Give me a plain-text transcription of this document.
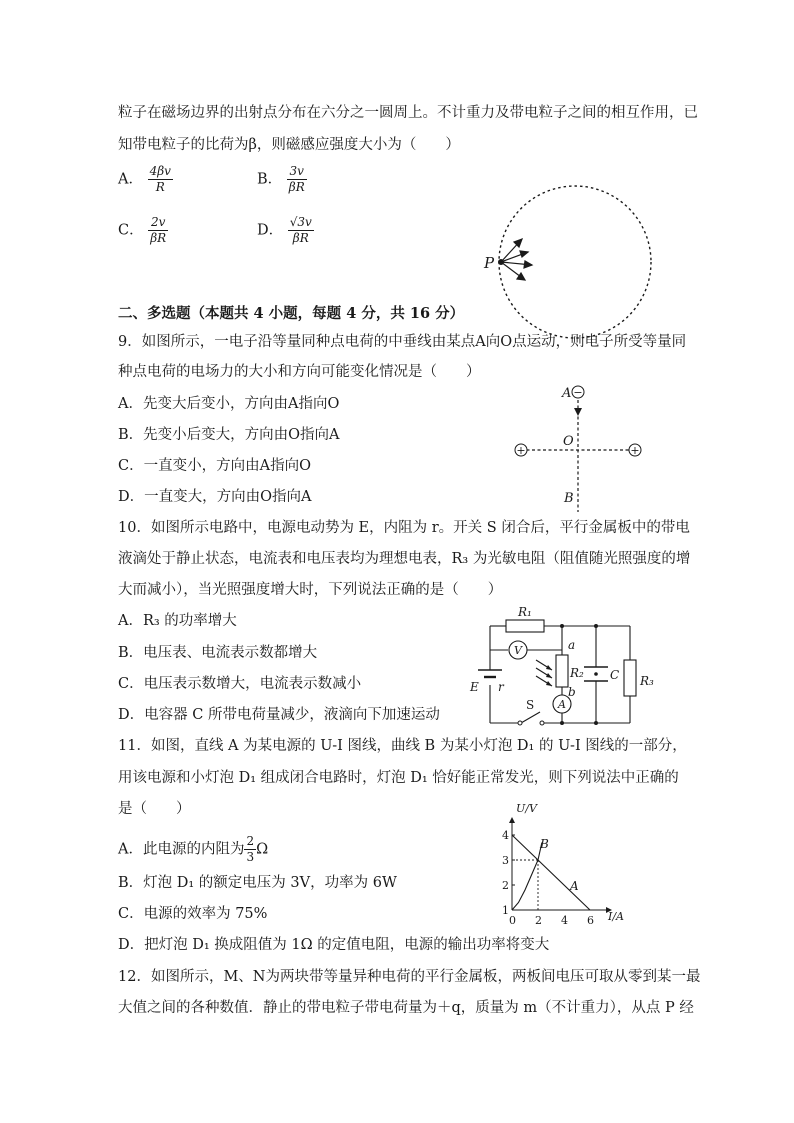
粒子在磁场边界的出射点分布在六分之一圆周上。不计重力及带电粒子之间的相互作用，已
知带电粒子的比荷为β，则磁感应强度大小为（　　）
A． $\frac{4\beta v}{R}$	B． $\frac{3v}{\beta R}$
C． $\frac{2v}{\beta R}$	D． $\frac{√3v}{\beta R}$
P
二、多选题（本题共 4 小题，每题 4 分，共 16 分）
9．如图所示，一电子沿等量同种点电荷的中垂线由某点A向O点运动，则电子所受等量同
种点电荷的电场力的大小和方向可能变化情况是（　　）
A．先变大后变小，方向由A指向O
B．先变小后变大，方向由O指向A
C．一直变小，方向由A指向O
D．一直变大，方向由O指向A
−
+	+
A
O
B
10．如图所示电路中，电源电动势为 E，内阻为 r。开关 S 闭合后，平行金属板中的带电
液滴处于静止状态，电流表和电压表均为理想电表，R₃ 为光敏电阻（阻值随光照强度的增
大而减小），当光照强度增大时，下列说法正确的是（　　）
A．R₃ 的功率增大
B．电压表、电流表示数都增大
C．电压表示数增大，电流表示数减小
D．电容器 C 所带电荷量减少，液滴向下加速运动
R₁
V	a
R₂
b
A
C R₃
E r
S
11．如图，直线 A 为某电源的 U-I 图线，曲线 B 为某小灯泡 D₁ 的 U-I 图线的一部分，
用该电源和小灯泡 D₁ 组成闭合电路时，灯泡 D₁ 恰好能正常发光，则下列说法中正确的
是（　　）
A．此电源的内阻为 $\frac{2}{3}$ Ω
B．灯泡 D₁ 的额定电压为 3V，功率为 6W
C．电源的效率为 75%
D．把灯泡 D₁ 换成阻值为 1Ω 的定值电阻，电源的输出功率将变大
U/V
I/A
1
2
3
4
0 2 4 6
A
B
12．如图所示，M、N为两块带等量异种电荷的平行金属板，两板间电压可取从零到某一最
大值之间的各种数值．静止的带电粒子带电荷量为＋q，质量为 m（不计重力），从点 P 经
